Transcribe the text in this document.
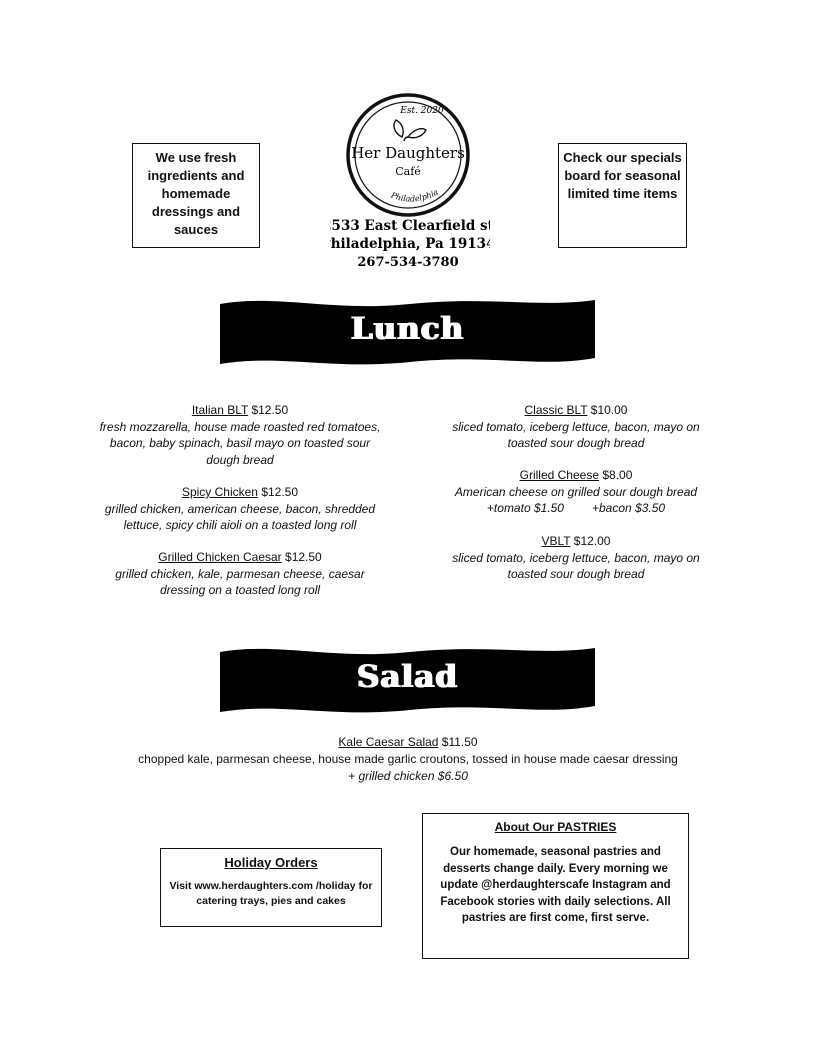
We use fresh ingredients and homemade dressings and sauces
Est. 2020
Her Daughters
Café
Philadelphia
2533 East Clearfield st
Philadelphia, Pa 19134
267-534-3780
Check our specials board for seasonal limited time items
Lunch
Italian BLT $12.50
fresh mozzarella, house made roasted red tomatoes, bacon, baby spinach, basil mayo on toasted sour dough bread
Spicy Chicken $12.50
grilled chicken, american cheese, bacon, shredded lettuce, spicy chili aioli on a toasted long roll
Grilled Chicken Caesar $12.50
grilled chicken, kale, parmesan cheese, caesar dressing on a toasted long roll
Classic BLT $10.00
sliced tomato, iceberg lettuce, bacon, mayo on toasted sour dough bread
Grilled Cheese $8.00
American cheese on grilled sour dough bread
+tomato $1.50 +bacon $3.50
VBLT $12.00
sliced tomato, iceberg lettuce, bacon, mayo on toasted sour dough bread
Salad
Kale Caesar Salad $11.50
chopped kale, parmesan cheese, house made garlic croutons, tossed in house made caesar dressing
+ grilled chicken $6.50
Holiday Orders
Visit www.herdaughters.com /holiday for catering trays, pies and cakes
About Our PASTRIES
Our homemade, seasonal pastries and desserts change daily. Every morning we update @herdaughterscafe Instagram and Facebook stories with daily selections. All pastries are first come, first serve.
